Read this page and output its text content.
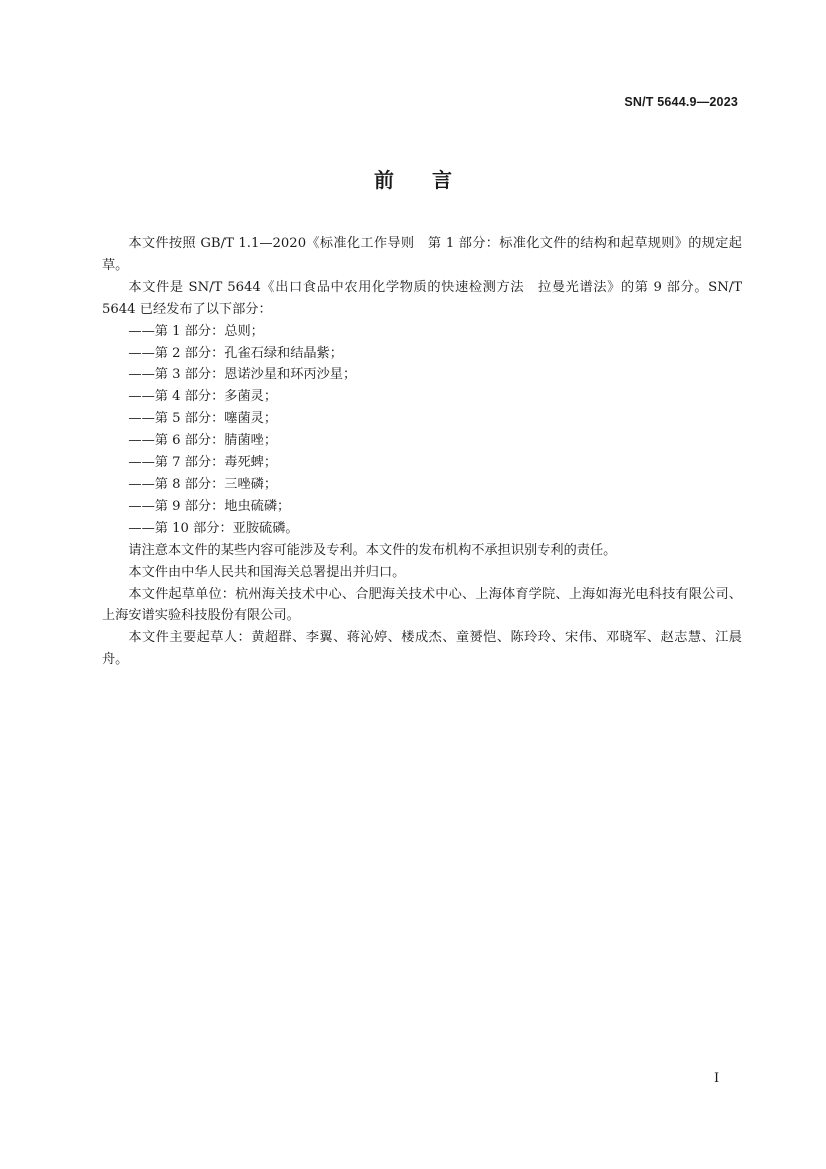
SN/T 5644.9—2023
前言

本文件按照 GB/T 1.1—2020《标准化工作导则　第 1 部分：标准化文件的结构和起草规则》的规定起草。

本文件是 SN/T 5644《出口食品中农用化学物质的快速检测方法　拉曼光谱法》的第 9 部分。SN/T 5644 已经发布了以下部分：

——第 1 部分：总则；

——第 2 部分：孔雀石绿和结晶紫；

——第 3 部分：恩诺沙星和环丙沙星；

——第 4 部分：多菌灵；

——第 5 部分：噻菌灵；

——第 6 部分：腈菌唑；

——第 7 部分：毒死蜱；

——第 8 部分：三唑磷；

——第 9 部分：地虫硫磷；

——第 10 部分：亚胺硫磷。

请注意本文件的某些内容可能涉及专利。本文件的发布机构不承担识别专利的责任。

本文件由中华人民共和国海关总署提出并归口。

本文件起草单位：杭州海关技术中心、合肥海关技术中心、上海体育学院、上海如海光电科技有限公司、上海安谱实验科技股份有限公司。

本文件主要起草人：黄超群、李翼、蒋沁婷、楼成杰、童赟恺、陈玲玲、宋伟、邓晓军、赵志慧、江晨舟。

I
